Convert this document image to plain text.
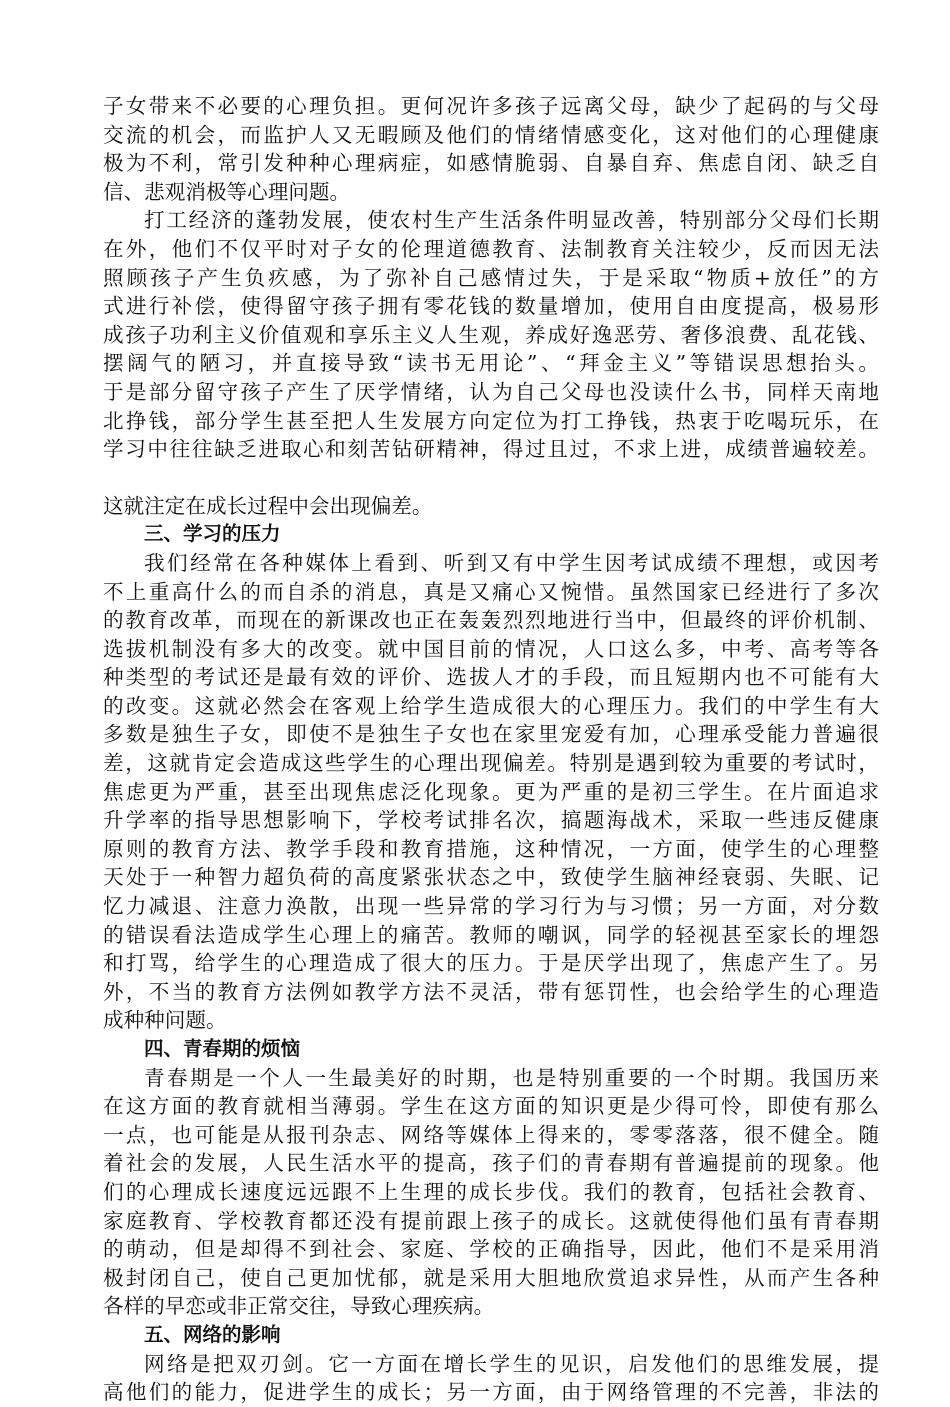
子女带来不必要的心理负担。更何况许多孩子远离父母，缺少了起码的与父母
交流的机会，而监护人又无暇顾及他们的情绪情感变化，这对他们的心理健康
极为不利，常引发种种心理病症，如感情脆弱、自暴自弃、焦虑自闭、缺乏自
信、悲观消极等心理问题。
打工经济的蓬勃发展，使农村生产生活条件明显改善，特别部分父母们长期
在外，他们不仅平时对子女的伦理道德教育、法制教育关注较少，反而因无法
照顾孩子产生负疚感，为了弥补自己感情过失，于是采取“物质+放任”的方
式进行补偿，使得留守孩子拥有零花钱的数量增加，使用自由度提高，极易形
成孩子功利主义价值观和享乐主义人生观，养成好逸恶劳、奢侈浪费、乱花钱、
摆阔气的陋习，并直接导致“读书无用论”、“拜金主义”等错误思想抬头。
于是部分留守孩子产生了厌学情绪，认为自己父母也没读什么书，同样天南地
北挣钱，部分学生甚至把人生发展方向定位为打工挣钱，热衷于吃喝玩乐，在
学习中往往缺乏进取心和刻苦钻研精神，得过且过，不求上进，成绩普遍较差。
这就注定在成长过程中会出现偏差。
三、学习的压力
我们经常在各种媒体上看到、听到又有中学生因考试成绩不理想，或因考
不上重高什么的而自杀的消息，真是又痛心又惋惜。虽然国家已经进行了多次
的教育改革，而现在的新课改也正在轰轰烈烈地进行当中，但最终的评价机制、
选拔机制没有多大的改变。就中国目前的情况，人口这么多，中考、高考等各
种类型的考试还是最有效的评价、选拔人才的手段，而且短期内也不可能有大
的改变。这就必然会在客观上给学生造成很大的心理压力。我们的中学生有大
多数是独生子女，即使不是独生子女也在家里宠爱有加，心理承受能力普遍很
差，这就肯定会造成这些学生的心理出现偏差。特别是遇到较为重要的考试时，
焦虑更为严重，甚至出现焦虑泛化现象。更为严重的是初三学生。在片面追求
升学率的指导思想影响下，学校考试排名次，搞题海战术，采取一些违反健康
原则的教育方法、教学手段和教育措施，这种情况，一方面，使学生的心理整
天处于一种智力超负荷的高度紧张状态之中，致使学生脑神经衰弱、失眠、记
忆力减退、注意力涣散，出现一些异常的学习行为与习惯；另一方面，对分数
的错误看法造成学生心理上的痛苦。教师的嘲讽，同学的轻视甚至家长的埋怨
和打骂，给学生的心理造成了很大的压力。于是厌学出现了，焦虑产生了。另
外，不当的教育方法例如教学方法不灵活，带有惩罚性，也会给学生的心理造
成种种问题。
四、青春期的烦恼
青春期是一个人一生最美好的时期，也是特别重要的一个时期。我国历来
在这方面的教育就相当薄弱。学生在这方面的知识更是少得可怜，即使有那么
一点，也可能是从报刊杂志、网络等媒体上得来的，零零落落，很不健全。随
着社会的发展，人民生活水平的提高，孩子们的青春期有普遍提前的现象。他
们的心理成长速度远远跟不上生理的成长步伐。我们的教育，包括社会教育、
家庭教育、学校教育都还没有提前跟上孩子的成长。这就使得他们虽有青春期
的萌动，但是却得不到社会、家庭、学校的正确指导，因此，他们不是采用消
极封闭自己，使自己更加忧郁，就是采用大胆地欣赏追求异性，从而产生各种
各样的早恋或非正常交往，导致心理疾病。
五、网络的影响
网络是把双刃剑。它一方面在增长学生的见识，启发他们的思维发展，提
高他们的能力，促进学生的成长；另一方面，由于网络管理的不完善，非法的
